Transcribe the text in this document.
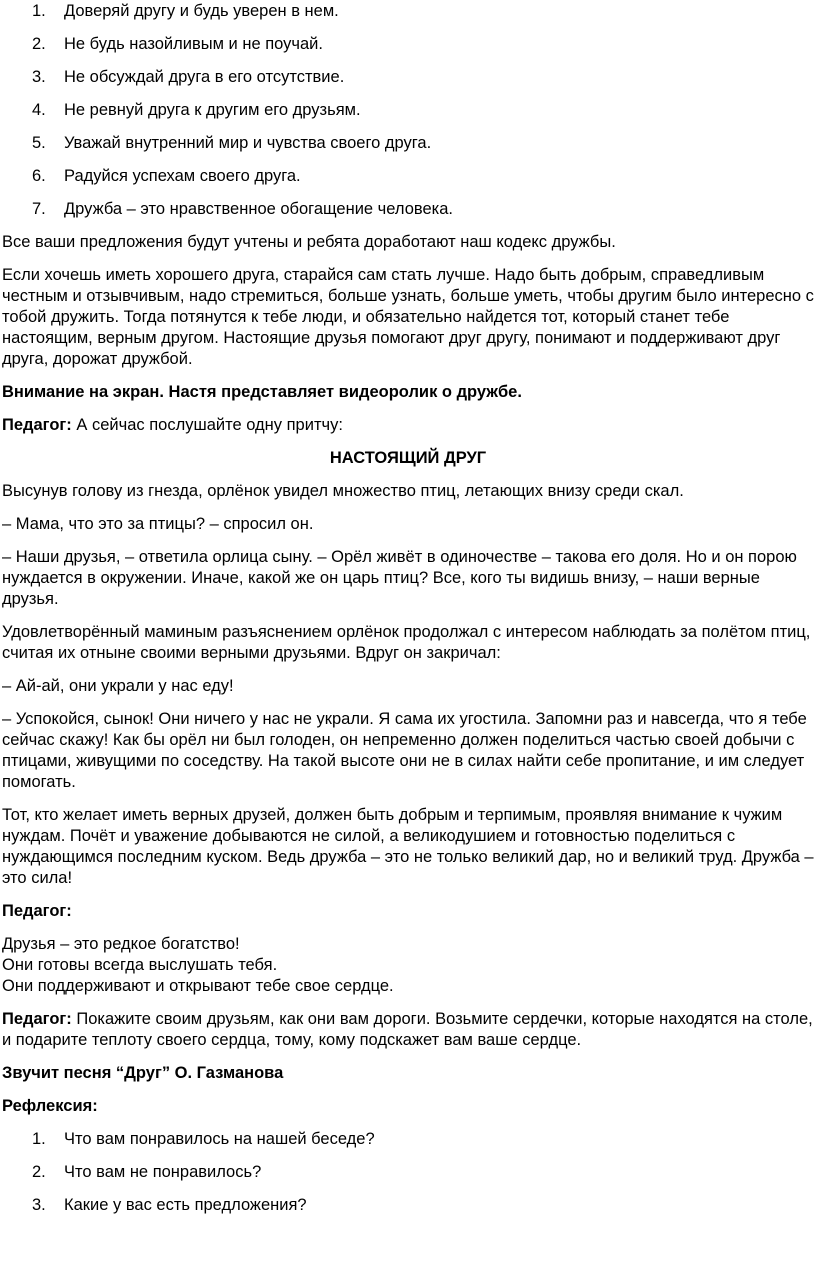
1.	Доверяй другу и будь уверен в нем.
2.	Не будь назойливым и не поучай.
3.	Не обсуждай друга в его отсутствие.
4.	Не ревнуй друга к другим его друзьям.
5.	Уважай внутренний мир и чувства своего друга.
6.	Радуйся успехам своего друга.
7.	Дружба – это нравственное обогащение человека.

Все ваши предложения будут учтены и ребята доработают наш кодекс дружбы.

Если хочешь иметь хорошего друга, старайся сам стать лучше. Надо быть добрым, справедливым честным и отзывчивым, надо стремиться, больше узнать, больше уметь, чтобы другим было интересно с тобой дружить. Тогда потянутся к тебе люди, и обязательно найдется тот, который станет тебе настоящим, верным другом. Настоящие друзья помогают друг другу, понимают и поддерживают друг друга, дорожат дружбой.

Внимание на экран. Настя представляет видеоролик о дружбе.

Педагог: А сейчас послушайте одну притчу:

НАСТОЯЩИЙ ДРУГ

Высунув голову из гнезда, орлёнок увидел множество птиц, летающих внизу среди скал.

– Мама, что это за птицы? – спросил он.

– Наши друзья, – ответила орлица сыну. – Орёл живёт в одиночестве – такова его доля. Но и он порою нуждается в окружении. Иначе, какой же он царь птиц? Все, кого ты видишь внизу, – наши верные друзья.

Удовлетворённый маминым разъяснением орлёнок продолжал с интересом наблюдать за полётом птиц, считая их отныне своими верными друзьями. Вдруг он закричал:

– Ай-ай, они украли у нас еду!

– Успокойся, сынок! Они ничего у нас не украли. Я сама их угостила. Запомни раз и навсегда, что я тебе сейчас скажу! Как бы орёл ни был голоден, он непременно должен поделиться частью своей добычи с птицами, живущими по соседству. На такой высоте они не в силах найти себе пропитание, и им следует помогать.

Тот, кто желает иметь верных друзей, должен быть добрым и терпимым, проявляя внимание к чужим нуждам. Почёт и уважение добываются не силой, а великодушием и готовностью поделиться с нуждающимся последним куском. Ведь дружба – это не только великий дар, но и великий труд. Дружба – это сила!

Педагог:

Друзья – это редкое богатство!
Они готовы всегда выслушать тебя.
Они поддерживают и открывают тебе свое сердце.

Педагог: Покажите своим друзьям, как они вам дороги. Возьмите сердечки, которые находятся на столе, и подарите теплоту своего сердца, тому, кому подскажет вам ваше сердце.

Звучит песня “Друг” О. Газманова

Рефлексия:

1.	Что вам понравилось на нашей беседе?
2.	Что вам не понравилось?
3.	Какие у вас есть предложения?
